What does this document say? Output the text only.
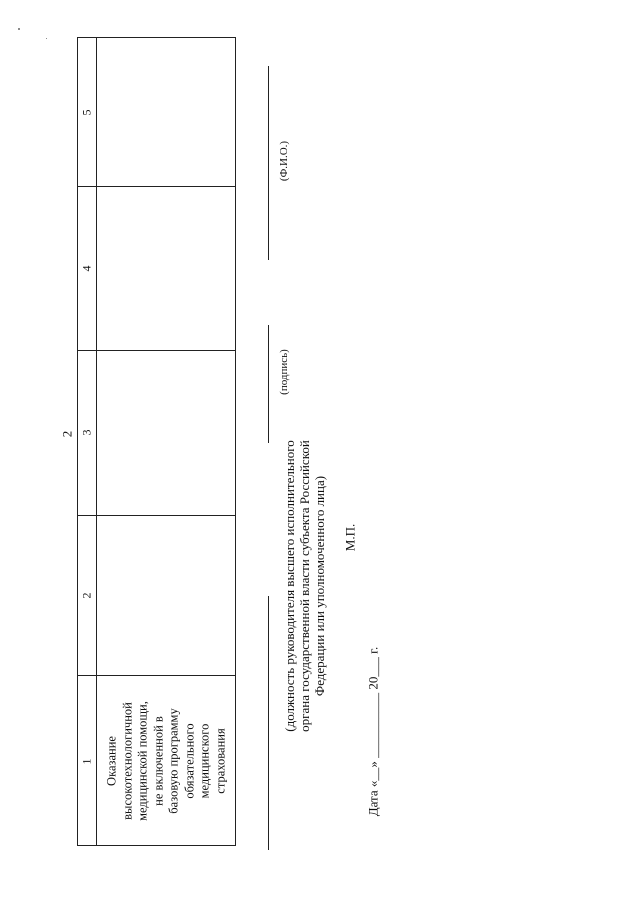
2
5
4
3
2
1 Оказание высокотехнологичной медицинской помощи, не включенной в базовую программу обязательного медицинского страхования
(подпись)
(Ф.И.О.)
(должность руководителя высшего исполнительного органа государственной власти субъекта Российской Федерации или уполномоченного лица) М.П.
Дата «__» __________ 20___ г.
